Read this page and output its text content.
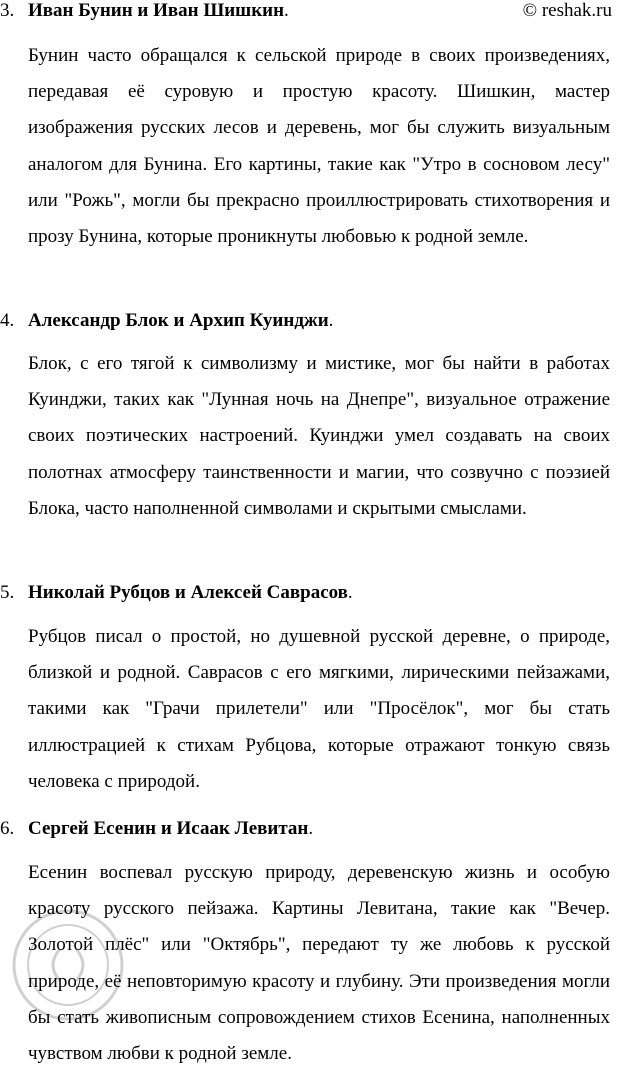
© reshak.ru
3. Иван Бунин и Иван Шишкин.
Бунин часто обращался к сельской природе в своих произведениях, передавая её суровую и простую красоту. Шишкин, мастер изображения русских лесов и деревень, мог бы служить визуальным аналогом для Бунина. Его картины, такие как "Утро в сосновом лесу" или "Рожь", могли бы прекрасно проиллюстрировать стихотворения и прозу Бунина, которые проникнуты любовью к родной земле.
4. Александр Блок и Архип Куинджи.
Блок, с его тягой к символизму и мистике, мог бы найти в работах Куинджи, таких как "Лунная ночь на Днепре", визуальное отражение своих поэтических настроений. Куинджи умел создавать на своих полотнах атмосферу таинственности и магии, что созвучно с поэзией Блока, часто наполненной символами и скрытыми смыслами.
5. Николай Рубцов и Алексей Саврасов.
Рубцов писал о простой, но душевной русской деревне, о природе, близкой и родной. Саврасов с его мягкими, лирическими пейзажами, такими как "Грачи прилетели" или "Просёлок", мог бы стать иллюстрацией к стихам Рубцова, которые отражают тонкую связь человека с природой.
6. Сергей Есенин и Исаак Левитан.
Есенин воспевал русскую природу, деревенскую жизнь и особую красоту русского пейзажа. Картины Левитана, такие как "Вечер. Золотой плёс" или "Октябрь", передают ту же любовь к русской природе, её неповторимую красоту и глубину. Эти произведения могли бы стать живописным сопровождением стихов Есенина, наполненных чувством любви к родной земле.
